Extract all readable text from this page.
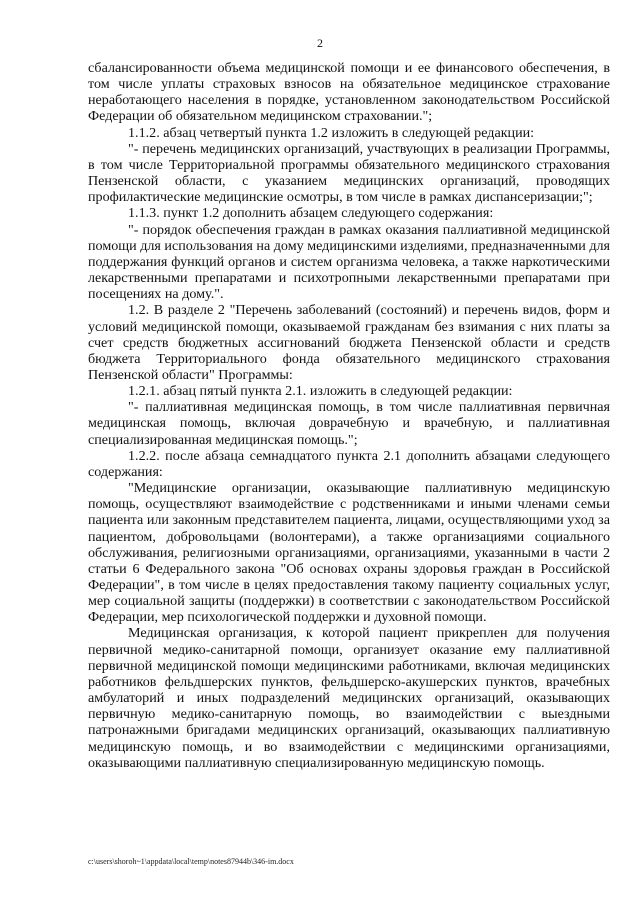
2

сбалансированности объема медицинской помощи и ее финансового обеспечения, в том числе уплаты страховых взносов на обязательное медицинское страхование неработающего населения в порядке, установленном законодательством Российской Федерации об обязательном медицинском страховании.";

1.1.2. абзац четвертый пункта 1.2 изложить в следующей редакции:

"- перечень медицинских организаций, участвующих в реализации Программы, в том числе Территориальной программы обязательного медицинского страхования Пензенской области, с указанием медицинских организаций, проводящих профилактические медицинские осмотры, в том числе в рамках диспансеризации;";

1.1.3. пункт 1.2 дополнить абзацем следующего содержания:

"- порядок обеспечения граждан в рамках оказания паллиативной медицинской помощи для использования на дому медицинскими изделиями, предназначенными для поддержания функций органов и систем организма человека, а также наркотическими лекарственными препаратами и психотропными лекарственными препаратами при посещениях на дому.".

1.2. В разделе 2 "Перечень заболеваний (состояний) и перечень видов, форм и условий медицинской помощи, оказываемой гражданам без взимания с них платы за счет средств бюджетных ассигнований бюджета Пензенской области и средств бюджета Территориального фонда обязательного медицинского страхования Пензенской области" Программы:

1.2.1. абзац пятый пункта 2.1. изложить в следующей редакции:

"- паллиативная медицинская помощь, в том числе паллиативная первичная медицинская помощь, включая доврачебную и врачебную, и паллиативная специализированная медицинская помощь.";

1.2.2. после абзаца семнадцатого пункта 2.1 дополнить абзацами следующего содержания:

"Медицинские организации, оказывающие паллиативную медицинскую помощь, осуществляют взаимодействие с родственниками и иными членами семьи пациента или законным представителем пациента, лицами, осуществляющими уход за пациентом, добровольцами (волонтерами), а также организациями социального обслуживания, религиозными организациями, организациями, указанными в части 2 статьи 6 Федерального закона "Об основах охраны здоровья граждан в Российской Федерации", в том числе в целях предоставления такому пациенту социальных услуг, мер социальной защиты (поддержки) в соответствии с законодательством Российской Федерации, мер психологической поддержки и духовной помощи.

Медицинская организация, к которой пациент прикреплен для получения первичной медико-санитарной помощи, организует оказание ему паллиативной первичной медицинской помощи медицинскими работниками, включая медицинских работников фельдшерских пунктов, фельдшерско-акушерских пунктов, врачебных амбулаторий и иных подразделений медицинских организаций, оказывающих первичную медико-санитарную помощь, во взаимодействии с выездными патронажными бригадами медицинских организаций, оказывающих паллиативную медицинскую помощь, и во взаимодействии с медицинскими организациями, оказывающими паллиативную специализированную медицинскую помощь.

c:\users\shoroh~1\appdata\local\temp\notes87944b\346-im.docx
